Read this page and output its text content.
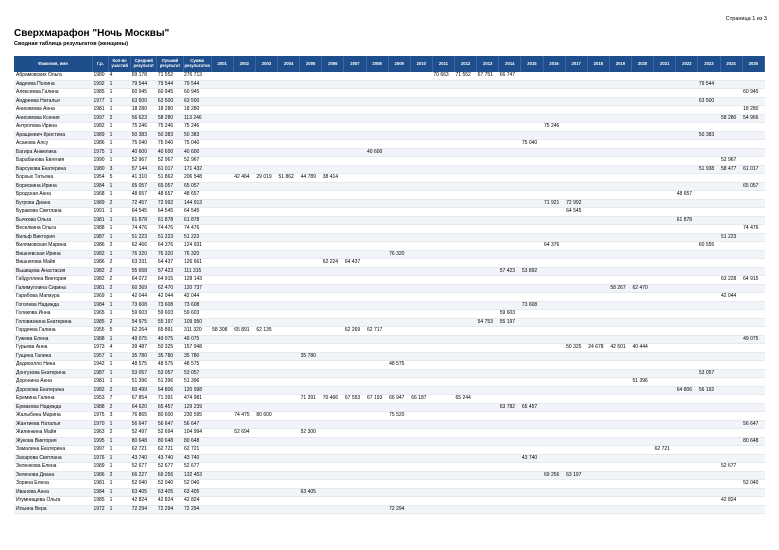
Страница 1 из 3
Сверхмарафон "Ночь Москвы"
Сводная таблица результатов (женщины)
Фамилия, имя	Г.р.	Кол-во участий	Средний результат	Лучший результат	Сумма результатов	2001	2002	2003	2004	2005	2006	2007	2008	2009	2010	2011	2012	2013	2014	2015	2016	2017	2018	2019	2020	2021	2022	2023	2024	2025
Абрамовских Ольга	1980	4	69 178	71 552	276 713											70 663	71 552	67 751	66 747											
Авдеева Полина	1992	1	79 544	79 544	79 544																							79 544		
Алексеева Галина	1985	1	60 945	60 945	60 945																									60 945
Андреева Наталья	1977	1	63 500	63 500	63 500																							63 500		
Анисимова Анна	1981	1	18 280	18 280	18 280																									18 280
Анисимова Ксения	1997	2	56 623	58 280	113 246																								58 280	54 966
Антропова Ирина	1982	1	75 246	75 246	75 246																75 246									
Аращкевич Кристина	1989	1	50 383	50 383	50 383																							50 383		
Асанова Алсу	1986	1	75 040	75 040	75 040															75 040										
Багира Анжелика	1975	1	40 600	40 600	40 600								40 600																	
Барабанова Евгения	1990	1	52 967	52 967	52 967																								52 967	
Барсукова Екатерина	1980	3	57 144	61 017	171 432																							51 938	58 477	61 017
Борзых Татьяна	1954	5	41 310	51 862	206 548		42 464	29 019	51 862	44 789	38 414																			
Борискина Ирина	1984	1	65 057	65 057	65 057																									65 057
Бродская Анна	1968	1	48 657	48 657	48 657																						48 657			
Бугрова Диана	1989	2	72 457	72 992	144 913																71 921	72 992								
Буравова Светлана	1991	1	64 545	64 545	64 545																	64 545								
Бычкова Ольга	1981	1	61 878	61 878	61 878																						61 878			
Веселкина Ольга	1988	1	74 476	74 476	74 476																									74 476
Вильф Виктория	1987	1	51 223	51 223	51 223																								51 223	
Вилямовская Марина	1986	2	62 466	64 376	124 931																64 376							60 555		
Вишневская Ирина	1982	1	76 320	76 320	76 320									76 320																
Вишнягова Майя	1986	2	63 331	64 437	126 661						62 224	64 437																		
Вьшвцева Анастасия	1982	2	55 658	57 423	111 315														57 423	53 892										
Габдуллина Виктория	1982	2	64 072	64 915	128 143																								63 228	64 915
Галимуллина Сирина	1981	2	60 369	62 470	120 737																			58 267	62 470					
Гарибова Магмура	1969	1	42 044	42 044	42 044																								42 044	
Гоголева Надежда	1984	1	73 608	73 608	73 608															73 608										
Голикова Инна	1965	1	59 603	59 603	59 603														59 603											
Головизнина Екатерина	1985	2	54 975	55 197	109 950													54 753	55 197											
Гордеева Галина	1955	5	62 264	65 891	311 320	58 308	65 891	62 135				62 269	62 717																	
Гужева Елена	1988	1	49 075	49 075	49 075																									49 075
Гурьева Анна	1973	4	39 487	50 325	157 948																	50 325	24 678	42 501	40 444					
Гущина Галина	1957	1	35 780	35 780	35 780					35 780																				
Дедиоолло Нина	1942	1	48 575	48 575	48 575									48 575																
Донгузова Екатерина	1987	1	53 057	53 057	53 057																							53 057		
Доронина Анна	1981	1	51 396	51 396	51 396																				51 396					
Дорохова Екатерина	1982	2	60 499	64 806	120 998																						64 806	56 192		
Еремина Галина	1953	7	67 854	71 391	474 981					71 391	70 466	67 553	67 193	66 947	66 187		65 244													
Ермакова Надежда	1988	2	64 620	65 457	129 239														63 782	65 457										
Жалыбина Марина	1975	3	76 865	80 600	230 595		74 475	80 600						75 520																
Жантиева Наталья	1970	1	56 647	56 647	56 647																									56 647
Жилинкина Майя	1963	2	52 497	52 694	104 994		52 694			52 300																				
Жукова Виктория	1995	1	80 648	80 648	80 648																									80 648
Замалина Екатерина	1997	1	62 721	62 721	62 721																					62 721				
Захарова Светлана	1976	1	43 740	43 740	43 740															43 740										
Зеленкова Елена	1989	1	52 677	52 677	52 677																								52 677	
Зеленова Диана	1986	2	66 227	69 256	132 453																69 256	63 197								
Зорина Елена	1981	1	52 040	52 040	52 040																									52 040
Иванова Анна	1984	1	63 405	63 405	63 405					63 405																				
Игумнищева Ольга	1985	1	42 824	42 824	42 824																								42 824	
Ильина Вера	1972	1	72 294	72 294	72 294									72 294																
